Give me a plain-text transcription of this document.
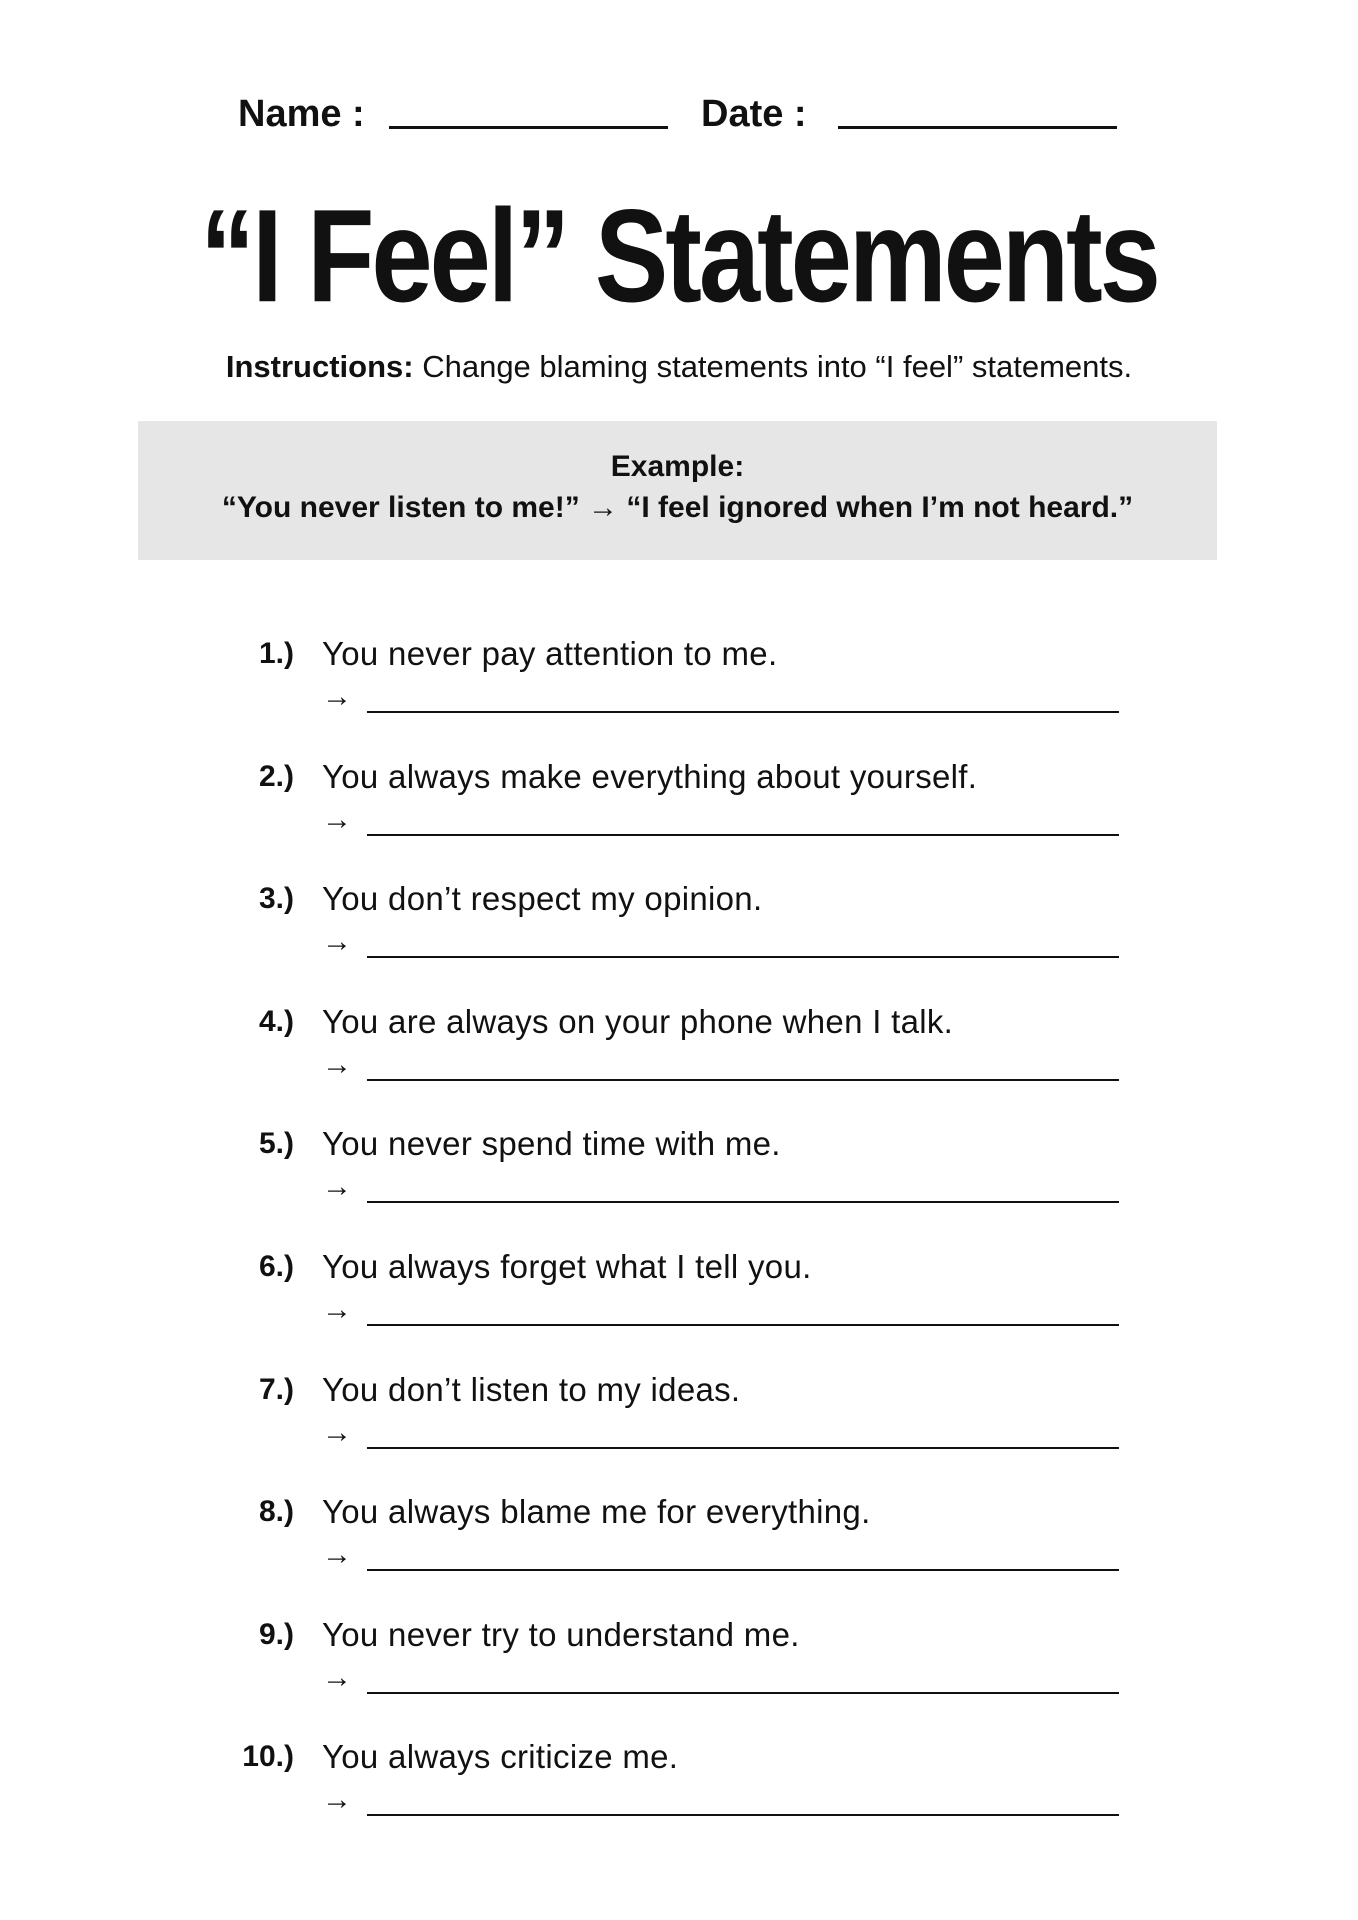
Name :	Date :
“I Feel” Statements
Instructions: Change blaming statements into “I feel” statements.
Example:
“You never listen to me!” → “I feel ignored when I’m not heard.”
1.) You never pay attention to me.
→
2.) You always make everything about yourself.
→
3.) You don’t respect my opinion.
→
4.) You are always on your phone when I talk.
→
5.) You never spend time with me.
→
6.) You always forget what I tell you.
→
7.) You don’t listen to my ideas.
→
8.) You always blame me for everything.
→
9.) You never try to understand me.
→
10.) You always criticize me.
→
